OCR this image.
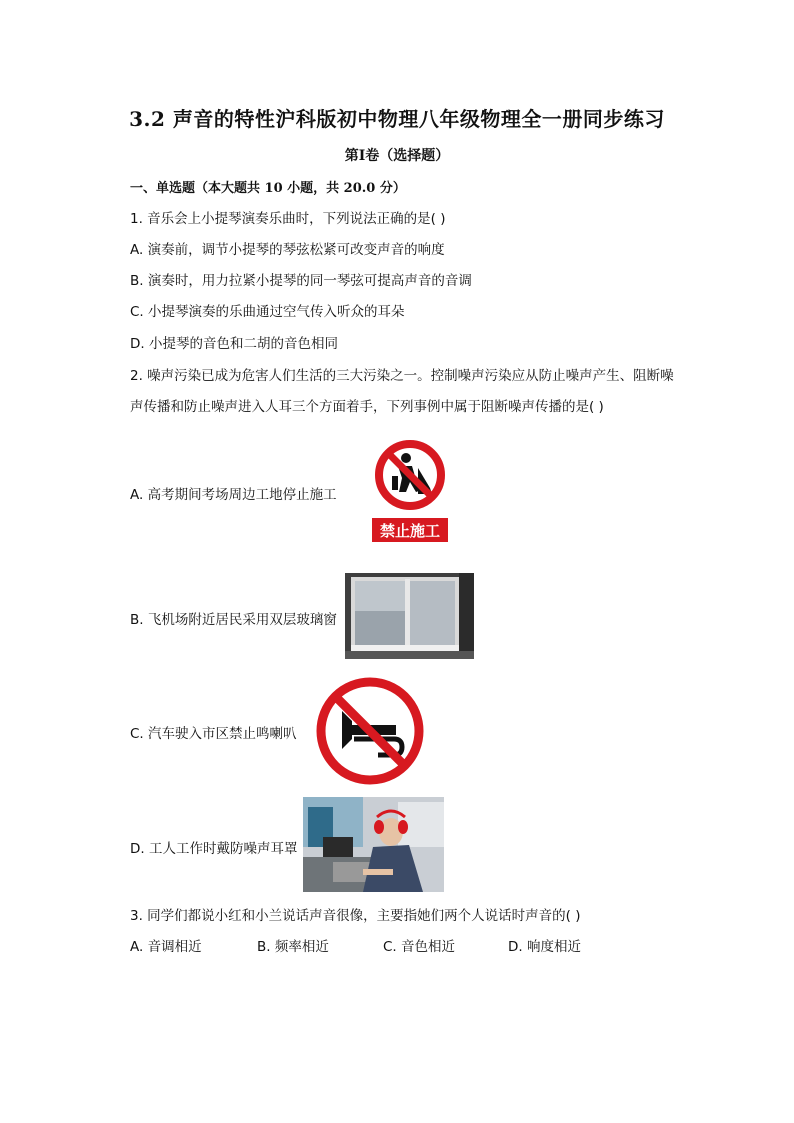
3.2 声音的特性沪科版初中物理八年级物理全一册同步练习
第I卷（选择题）
一、单选题（本大题共 10 小题，共 20.0 分）
1. 音乐会上小提琴演奏乐曲时，下列说法正确的是( )
A. 演奏前，调节小提琴的琴弦松紧可改变声音的响度
B. 演奏时，用力拉紧小提琴的同一琴弦可提高声音的音调
C. 小提琴演奏的乐曲通过空气传入听众的耳朵
D. 小提琴的音色和二胡的音色相同
2. 噪声污染已成为危害人们生活的三大污染之一。控制噪声污染应从防止噪声产生、阻断噪
声传播和防止噪声进入人耳三个方面着手，下列事例中属于阻断噪声传播的是( )
A. 高考期间考场周边工地停止施工
禁止施工
B. 飞机场附近居民采用双层玻璃窗
C. 汽车驶入市区禁止鸣喇叭
D. 工人工作时戴防噪声耳罩
3. 同学们都说小红和小兰说话声音很像，主要指她们两个人说话时声音的( )
A. 音调相近	B. 频率相近	C. 音色相近	D. 响度相近
